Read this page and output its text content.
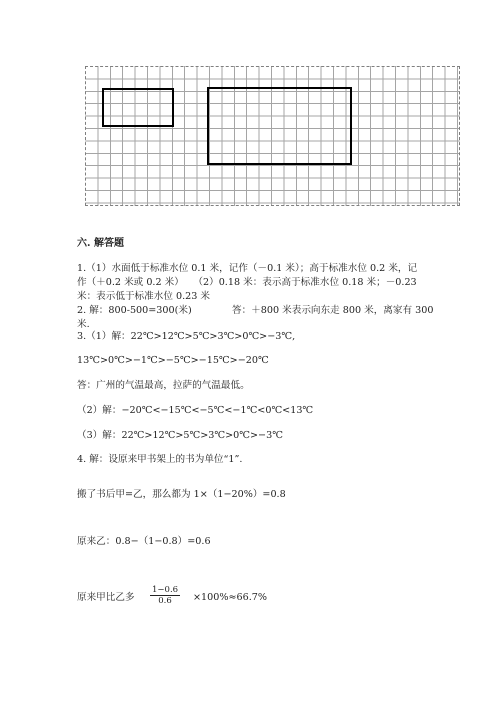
六. 解答题
1.（1）水面低于标准水位 0.1 米，记作（－0.1 米）；高于标准水位 0.2 米，记
作（＋0.2 米或 0.2 米）　　（2）0.18 米：表示高于标准水位 0.18 米；－0.23
米：表示低于标准水位 0.23 米
2. 解：800-500=300(米)	答：＋800 米表示向东走 800 米，离家有 300
米.
3.（1）解：22℃>12℃>5℃>3℃>0℃>−3℃,
13℃>0℃>−1℃>−5℃>−15℃>−20℃
答：广州的气温最高，拉萨的气温最低。
（2）解：−20℃<−15℃<−5℃<−1℃<0℃<13℃
（3）解：22℃>12℃>5℃>3℃>0℃>−3℃
4. 解：设原来甲书架上的书为单位“1”.
搬了书后甲=乙，那么都为 1×（1−20%）=0.8
原来乙：0.8−（1−0.8）=0.6
原来甲比乙多 $\frac{1-0.6}{0.6} \times 100\%\approx 66.7\%$
